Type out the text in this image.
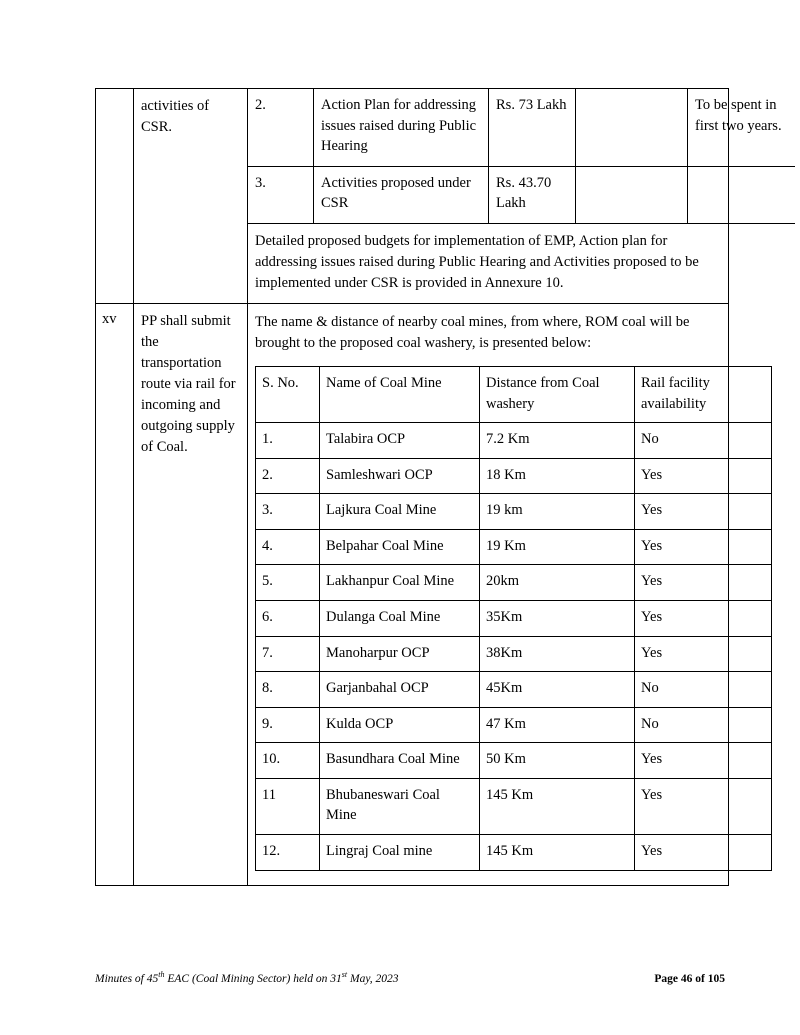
activities of CSR.

2.	Action Plan for addressing issues raised during Public Hearing	Rs. 73 Lakh		To be spent in first two years.
3.	Activities proposed under CSR	Rs. 43.70 Lakh		
Detailed proposed budgets for implementation of EMP, Action plan for addressing issues raised during Public Hearing and Activities proposed to be implemented under CSR is provided in Annexure 10.

xv	PP shall submit the transportation route via rail for incoming and outgoing supply of Coal.

The name & distance of nearby coal mines, from where, ROM coal will be brought to the proposed coal washery, is presented below:
S. No.	Name of Coal Mine	Distance from Coal washery	Rail facility availability
1.	Talabira OCP	7.2 Km	No
2.	Samleshwari OCP	18 Km	Yes
3.	Lajkura Coal Mine	19 km	Yes
4.	Belpahar Coal Mine	19 Km	Yes
5.	Lakhanpur Coal Mine	20km	Yes
6.	Dulanga Coal Mine	35Km	Yes
7.	Manoharpur OCP	38Km	Yes
8.	Garjanbahal OCP	45Km	No
9.	Kulda OCP	47 Km	No
10.	Basundhara Coal Mine	50 Km	Yes
11	Bhubaneswari Coal Mine	145 Km	Yes
12.	Lingraj Coal mine	145 Km	Yes
Minutes of 45th EAC (Coal Mining Sector) held on 31st May, 2023	Page 46 of 105
